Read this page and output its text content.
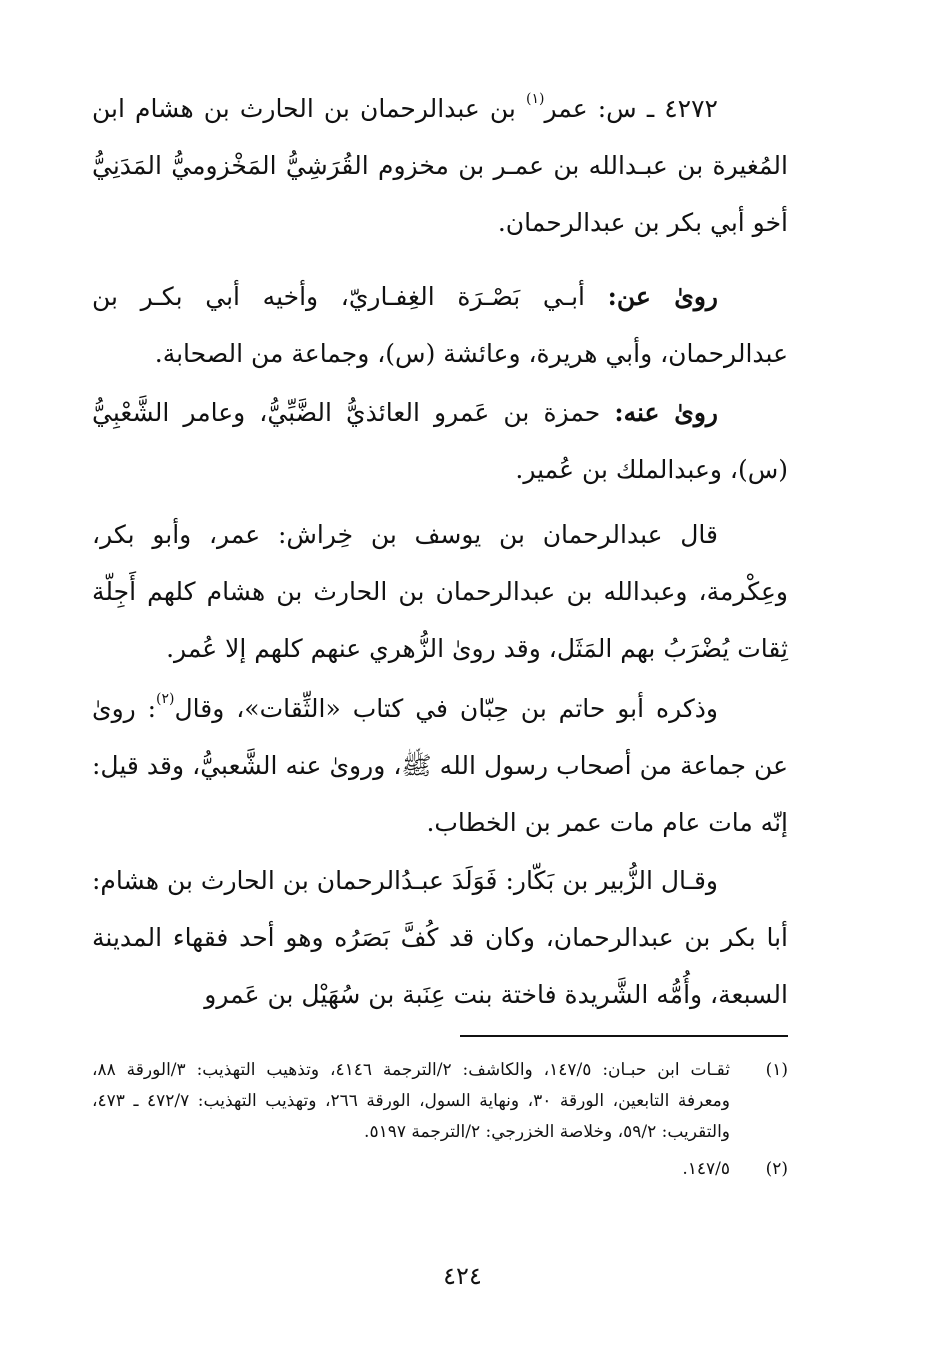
٤٢٧٢ ـ س: عمر$^{(١)}$ بن عبدالرحمان بن الحارث بن هشام ابن المُغيرة بن عبـدالله بن عمـر بن مخزوم القُرَشِيُّ المَخْزوميُّ المَدَنِيُّ أخو أبي بكر بن عبدالرحمان.

روىٰ عن: أبـي بَصْـرَة الغِفـاريّ، وأخيه أبي بكـر بن عبدالرحمان، وأبي هريرة، وعائشة (س)، وجماعة من الصحابة.

روىٰ عنه: حمزة بن عَمرو العائذيُّ الضَّبِّيُّ، وعامر الشَّعْبِيُّ (س)، وعبدالملك بن عُمير.

قال عبدالرحمان بن يوسف بن خِراش: عمر، وأبو بكر، وعِكْرمة، وعبدالله بن عبدالرحمان بن الحارث بن هشام كلهم أَجِلّة ثِقات يُضْرَبُ بهم المَثَل، وقد روىٰ الزُّهري عنهم كلهم إلا عُمر.

وذكره أبو حاتم بن حِبّان في كتاب «الثِّقات»، وقال$^{(٢)}$: روىٰ عن جماعة من أصحاب رسول الله ﷺ، وروىٰ عنه الشَّعبيُّ، وقد قيل: إنّه مات عام مات عمر بن الخطاب.

وقـال الزُّبير بن بَكّار: فَوَلَدَ عبـدُالرحمان بن الحارث بن هشام: أبا بكر بن عبدالرحمان، وكان قد كُفَّ بَصَرُه وهو أحد فقهاء المدينة السبعة، وأُمُّه الشَّريدة فاختة بنت عِنَبة بن سُهَيْل بن عَمرو

(١)
ثقـات ابن حبـان: ١٤٧/٥، والكاشف: ٢/الترجمة ٤١٤٦، وتذهيب التهذيب: ٣/الورقة ٨٨، ومعرفة التابعين، الورقة ٣٠، ونهاية السول، الورقة ٢٦٦، وتهذيب التهذيب: ٤٧٢/٧ ـ ٤٧٣، والتقريب: ٥٩/٢، وخلاصة الخزرجي: ٢/الترجمة ٥١٩٧.

(٢)
١٤٧/٥.

٤٢٤
